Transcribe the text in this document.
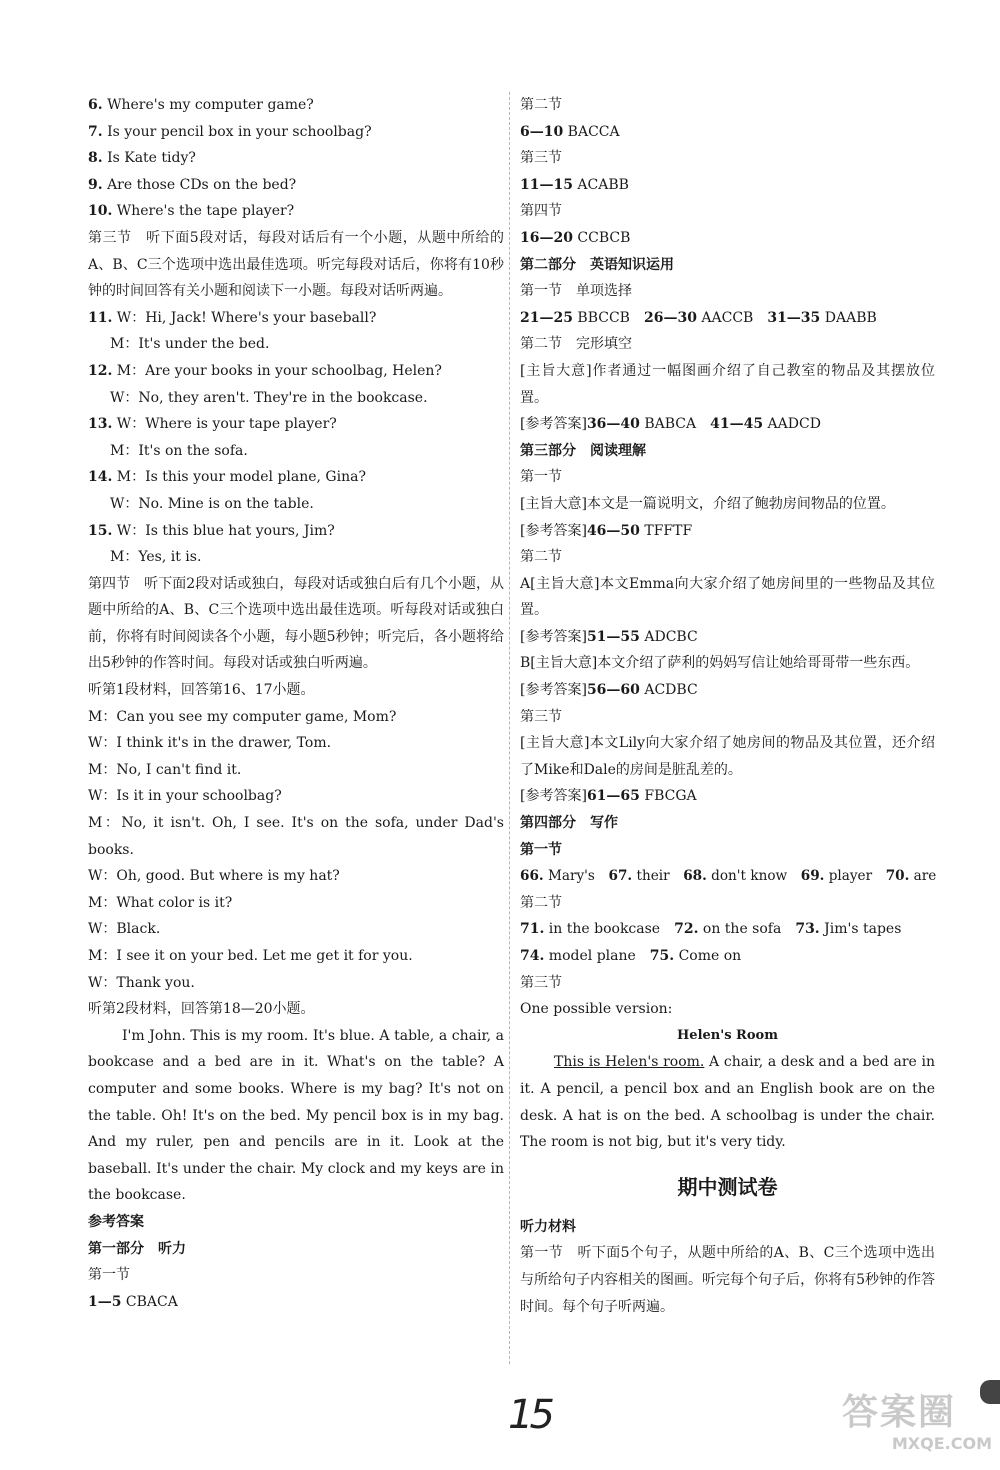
6. Where's my computer game?

7. Is your pencil box in your schoolbag?

8. Is Kate tidy?

9. Are those CDs on the bed?

10. Where's the tape player?

第三节　听下面5段对话，每段对话后有一个小题，从题中所给的A、B、C三个选项中选出最佳选项。听完每段对话后，你将有10秒钟的时间回答有关小题和阅读下一小题。每段对话听两遍。

11. W：Hi, Jack! Where's your baseball?

M：It's under the bed.

12. M：Are your books in your schoolbag, Helen?

W：No, they aren't. They're in the bookcase.

13. W：Where is your tape player?

M：It's on the sofa.

14. M：Is this your model plane, Gina?

W：No. Mine is on the table.

15. W：Is this blue hat yours, Jim?

M：Yes, it is.

第四节　听下面2段对话或独白，每段对话或独白后有几个小题，从题中所给的A、B、C三个选项中选出最佳选项。听每段对话或独白前，你将有时间阅读各个小题，每小题5秒钟；听完后，各小题将给出5秒钟的作答时间。每段对话或独白听两遍。

听第1段材料，回答第16、17小题。

M：Can you see my computer game, Mom?

W：I think it's in the drawer, Tom.

M：No, I can't find it.

W：Is it in your schoolbag?

M：No, it isn't. Oh, I see. It's on the sofa, under Dad's books.

W：Oh, good. But where is my hat?

M：What color is it?

W：Black.

M：I see it on your bed. Let me get it for you.

W：Thank you.

听第2段材料，回答第18—20小题。

I'm John. This is my room. It's blue. A table, a chair, a bookcase and a bed are in it. What's on the table? A computer and some books. Where is my bag? It's not on the table. Oh! It's on the bed. My pencil box is in my bag. And my ruler, pen and pencils are in it. Look at the baseball. It's under the chair. My clock and my keys are in the bookcase.

参考答案

第一部分　听力

第一节

1—5 CBACA

第二节

6—10 BACCA

第三节

11—15 ACABB

第四节

16—20 CCBCB

第二部分　英语知识运用

第一节　单项选择

21—25 BBCCB　26—30 AACCB　31—35 DAABB

第二节　完形填空

[主旨大意]作者通过一幅图画介绍了自己教室的物品及其摆放位置。

[参考答案]36—40 BABCA　41—45 AADCD

第三部分　阅读理解

第一节

[主旨大意]本文是一篇说明文，介绍了鲍勃房间物品的位置。

[参考答案]46—50 TFFTF

第二节

A[主旨大意]本文Emma向大家介绍了她房间里的一些物品及其位置。

[参考答案]51—55 ADCBC

B[主旨大意]本文介绍了萨利的妈妈写信让她给哥哥带一些东西。

[参考答案]56—60 ACDBC

第三节

[主旨大意]本文Lily向大家介绍了她房间的物品及其位置，还介绍了Mike和Dale的房间是脏乱差的。

[参考答案]61—65 FBCGA

第四部分　写作

第一节

66. Mary's　67. their　68. don't know　69. player　70. are

第二节

71. in the bookcase　72. on the sofa　73. Jim's tapes

74. model plane　75. Come on

第三节

One possible version:

Helen's Room

This is Helen's room. A chair, a desk and a bed are in it. A pencil, a pencil box and an English book are on the desk. A hat is on the bed. A schoolbag is under the chair. The room is not big, but it's very tidy.

期中测试卷

听力材料

第一节　听下面5个句子，从题中所给的A、B、C三个选项中选出与所给句子内容相关的图画。听完每个句子后，你将有5秒钟的作答时间。每个句子听两遍。

15	答案圈
MXQE.COM
